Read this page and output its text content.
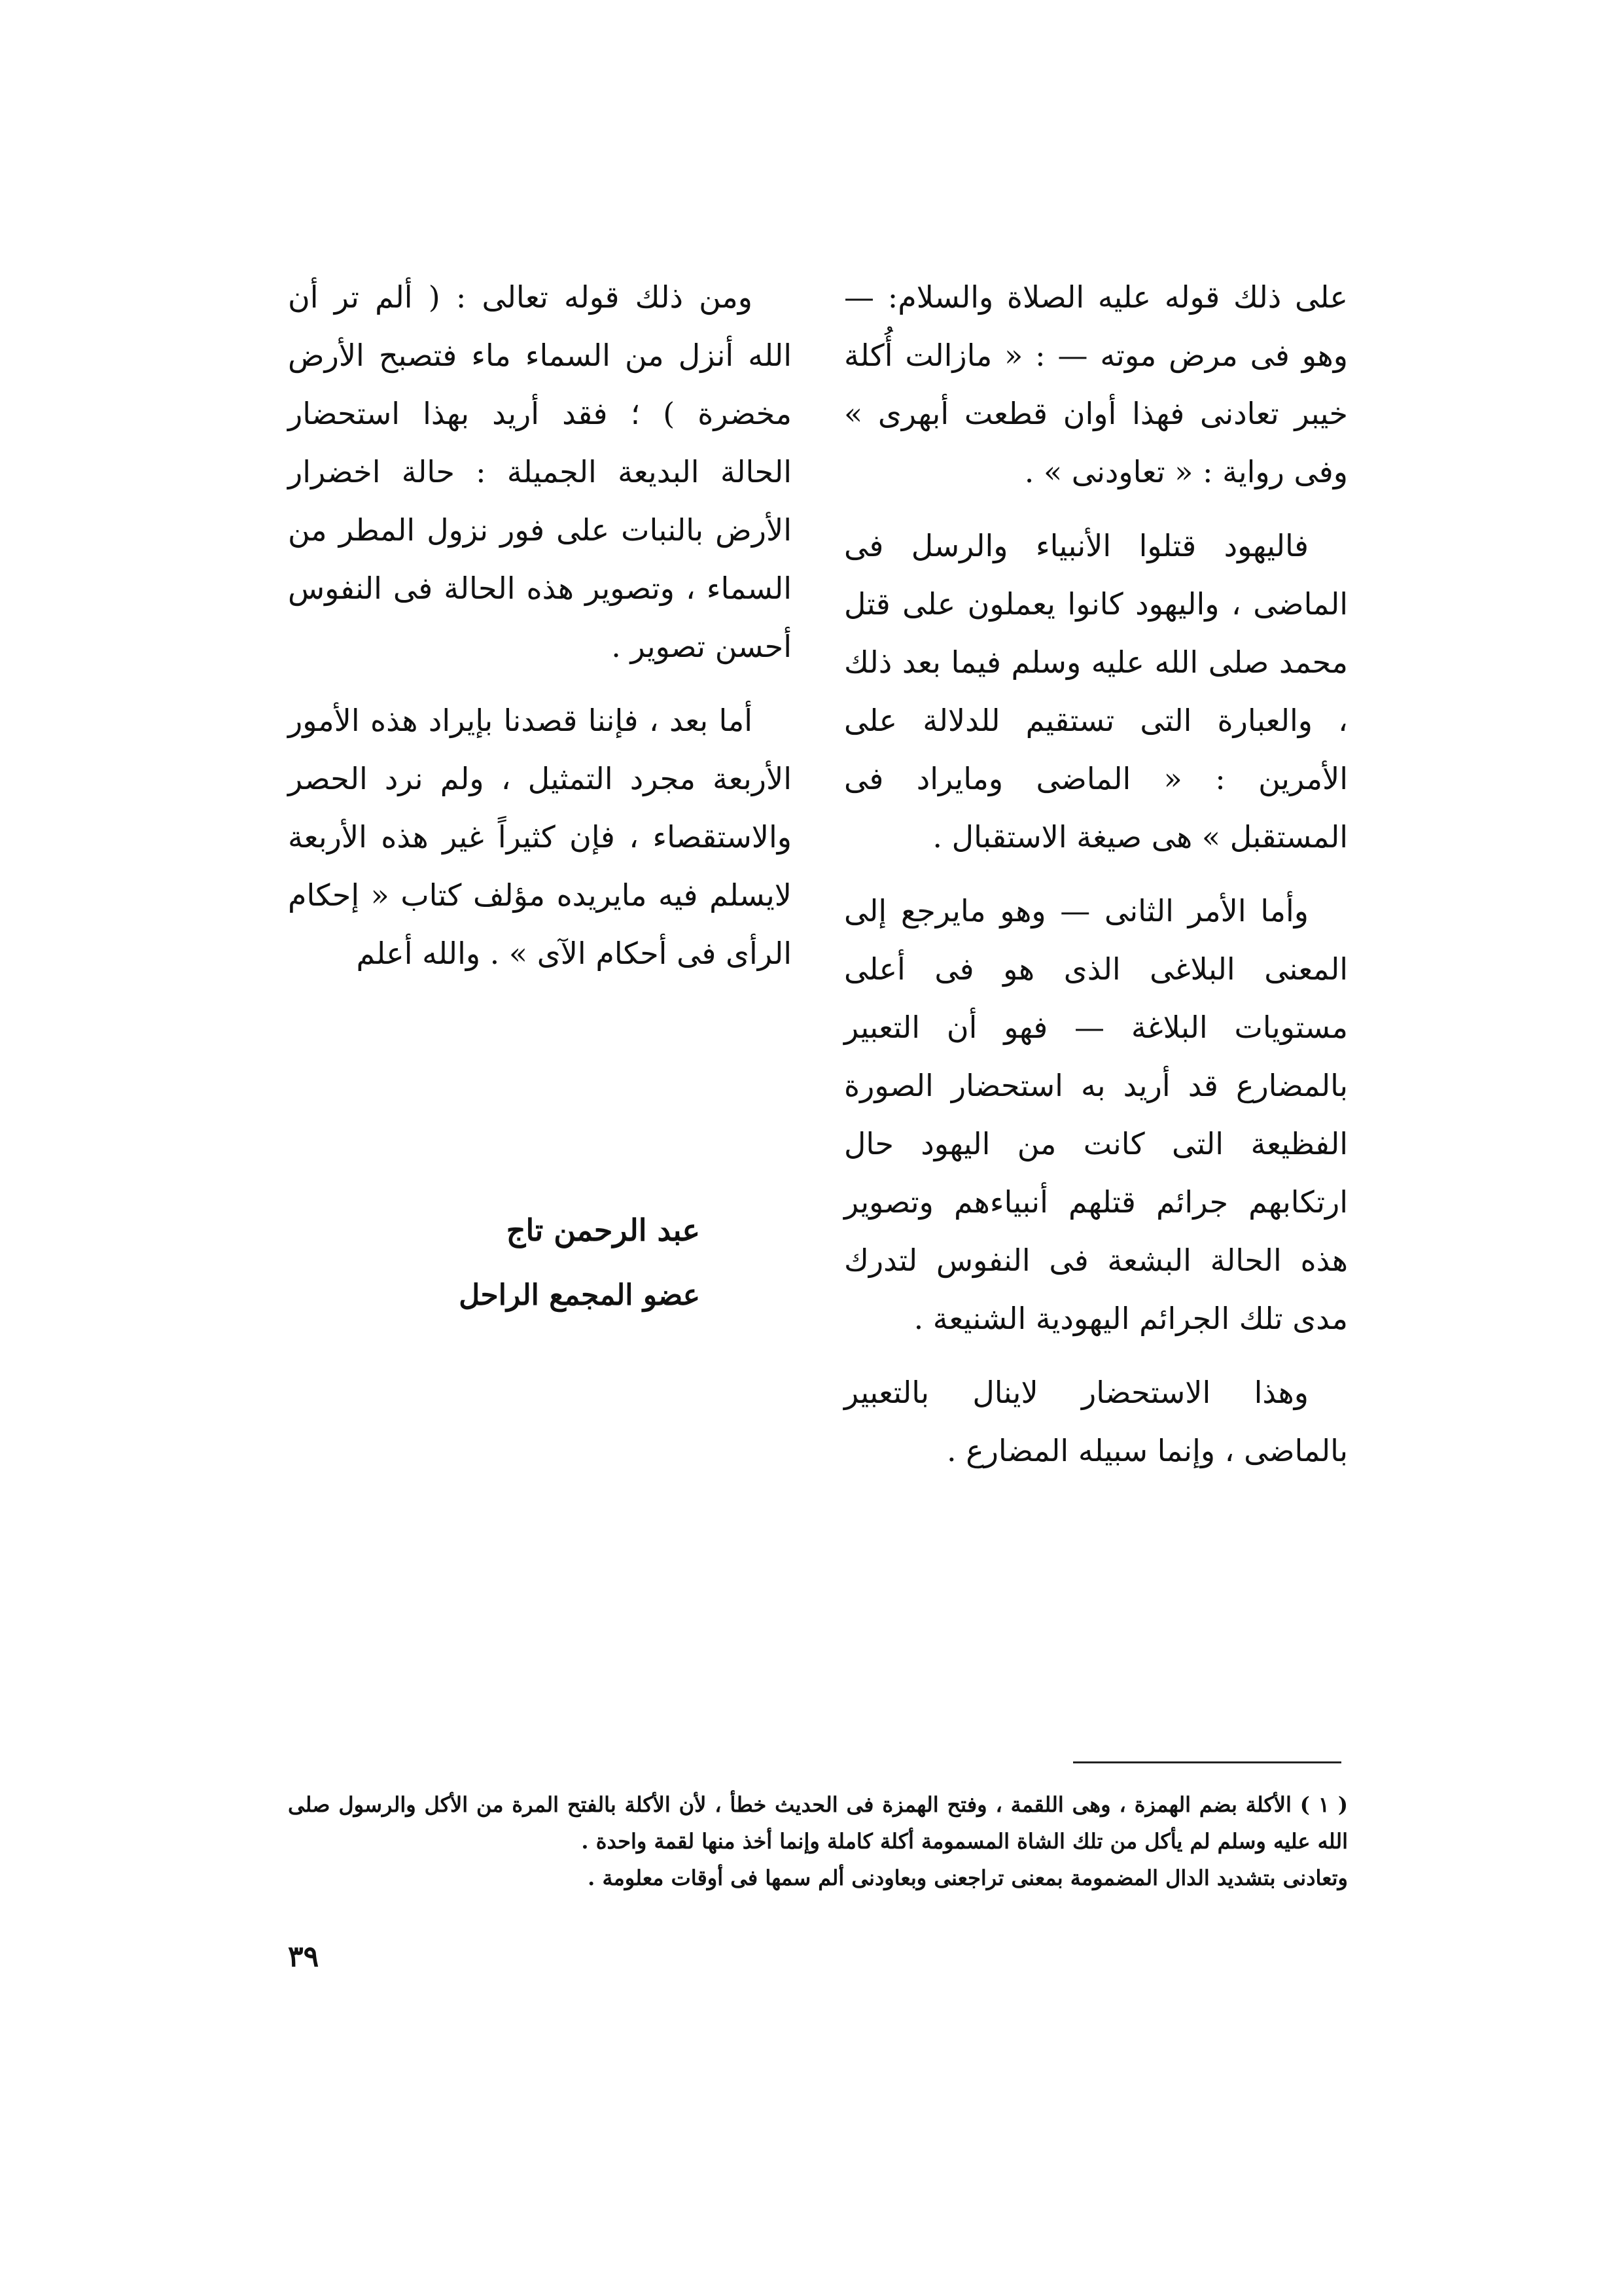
على ذلك قوله عليه الصلاة والسلام: — وهو فى مرض موته — : « مازالت أُكلة خيبر تعادنى فهذا أوان قطعت أبهرى » وفى رواية : « تعاودنى » .

فاليهود قتلوا الأنبياء والرسل فى الماضى ، واليهود كانوا يعملون على قتل محمد صلى الله عليه وسلم فيما بعد ذلك ، والعبارة التى تستقيم للدلالة على الأمرين : « الماضى ومايراد فى المستقبل » هى صيغة الاستقبال .

وأما الأمر الثانى — وهو مايرجع إلى المعنى البلاغى الذى هو فى أعلى مستويات البلاغة — فهو أن التعبير بالمضارع قد أريد به استحضار الصورة الفظيعة التى كانت من اليهود حال ارتكابهم جرائم قتلهم أنبياءهم وتصوير هذه الحالة البشعة فى النفوس لتدرك مدى تلك الجرائم اليهودية الشنيعة .

وهذا الاستحضار لاينال بالتعبير بالماضى ، وإنما سبيله المضارع .

ومن ذلك قوله تعالى : ( ألم تر أن الله أنزل من السماء ماء فتصبح الأرض مخضرة ) ؛ فقد أريد بهذا استحضار الحالة البديعة الجميلة : حالة اخضرار الأرض بالنبات على فور نزول المطر من السماء ، وتصوير هذه الحالة فى النفوس أحسن تصوير .

أما بعد ، فإننا قصدنا بإيراد هذه الأمور الأربعة مجرد التمثيل ، ولم نرد الحصر والاستقصاء ، فإن كثيراً غير هذه الأربعة لايسلم فيه مايريده مؤلف كتاب « إحكام الرأى فى أحكام الآى » . والله أعلم

عبد الرحمن تاج
عضو المجمع الراحل

( ١ ) الأكلة بضم الهمزة ، وهى اللقمة ، وفتح الهمزة فى الحديث خطأ ، لأن الأكلة بالفتح المرة من الأكل والرسول صلى الله عليه وسلم لم يأكل من تلك الشاة المسمومة أكلة كاملة وإنما أخذ منها لقمة واحدة .

وتعادنى بتشديد الدال المضمومة بمعنى تراجعنى وبعاودنى ألم سمها فى أوقات معلومة .

٣٩
